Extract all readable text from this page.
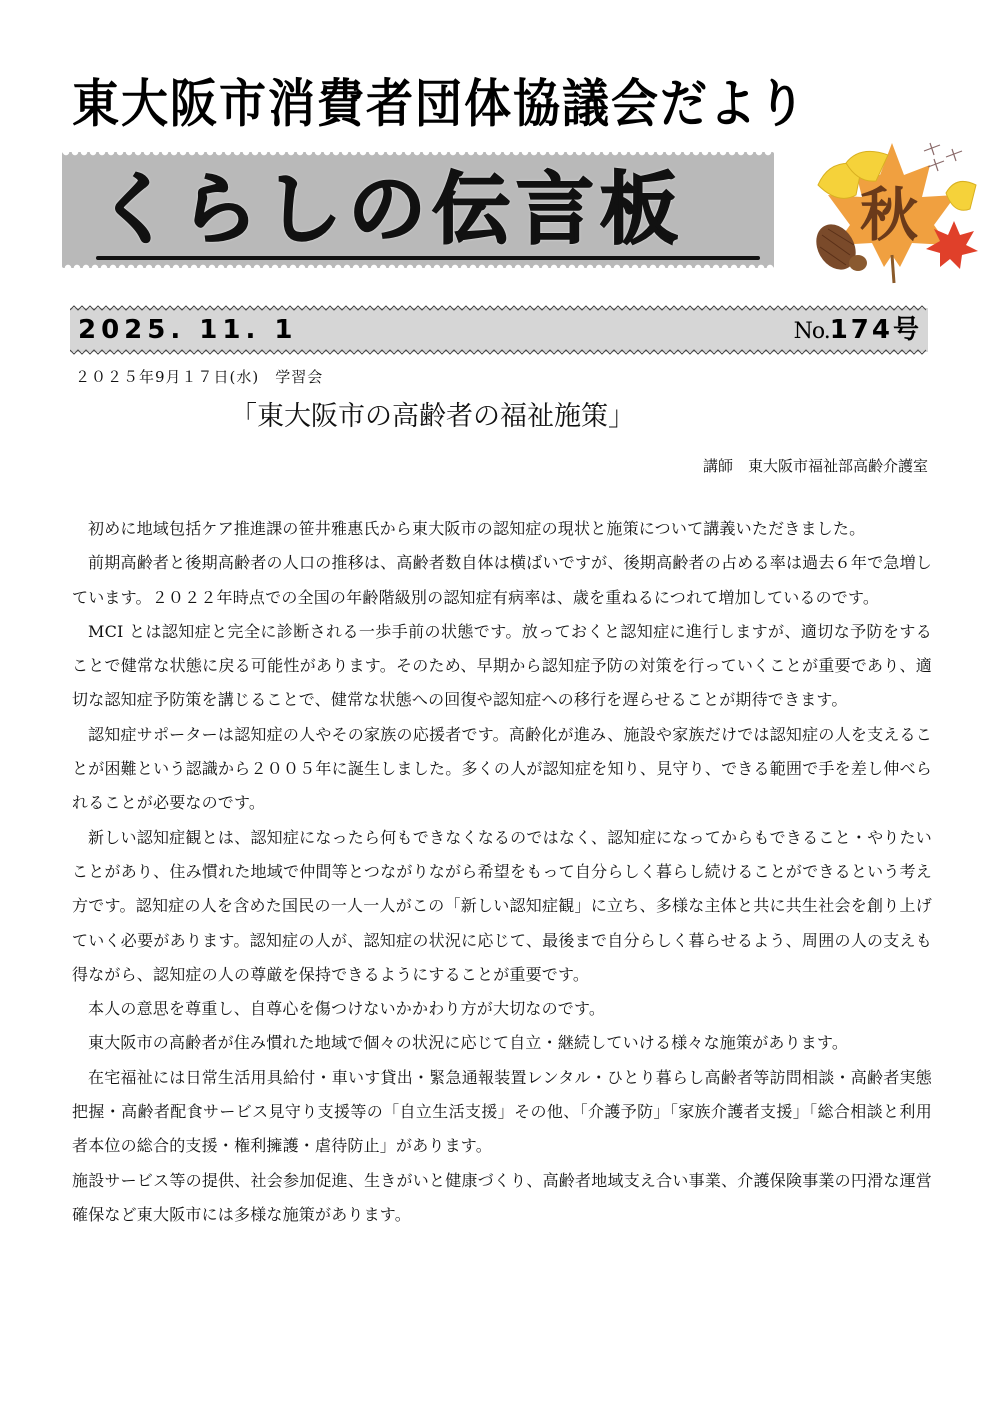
東大阪市消費者団体協議会だより
くらしの伝言板	秋
2025. 11. 1	No.174号
２０２５年9月１７日(水)　学習会
「東大阪市の高齢者の福祉施策」
講師　東大阪市福祉部高齢介護室

初めに地域包括ケア推進課の笹井雅惠氏から東大阪市の認知症の現状と施策について講義いただきました。

前期高齢者と後期高齢者の人口の推移は、高齢者数自体は横ばいですが、後期高齢者の占める率は過去６年で急増しています。２０２２年時点での全国の年齢階級別の認知症有病率は、歳を重ねるにつれて増加しているのです。

MCI とは認知症と完全に診断される一歩手前の状態です。放っておくと認知症に進行しますが、適切な予防をすることで健常な状態に戻る可能性があります。そのため、早期から認知症予防の対策を行っていくことが重要であり、適切な認知症予防策を講じることで、健常な状態への回復や認知症への移行を遅らせることが期待できます。

認知症サポーターは認知症の人やその家族の応援者です。高齢化が進み、施設や家族だけでは認知症の人を支えることが困難という認識から２００５年に誕生しました。多くの人が認知症を知り、見守り、できる範囲で手を差し伸べられることが必要なのです。

新しい認知症観とは、認知症になったら何もできなくなるのではなく、認知症になってからもできること・やりたいことがあり、住み慣れた地域で仲間等とつながりながら希望をもって自分らしく暮らし続けることができるという考え方です。認知症の人を含めた国民の一人一人がこの「新しい認知症観」に立ち、多様な主体と共に共生社会を創り上げていく必要があります。認知症の人が、認知症の状況に応じて、最後まで自分らしく暮らせるよう、周囲の人の支えも得ながら、認知症の人の尊厳を保持できるようにすることが重要です。

本人の意思を尊重し、自尊心を傷つけないかかわり方が大切なのです。

東大阪市の高齢者が住み慣れた地域で個々の状況に応じて自立・継続していける様々な施策があります。

在宅福祉には日常生活用具給付・車いす貸出・緊急通報装置レンタル・ひとり暮らし高齢者等訪問相談・高齢者実態把握・高齢者配食サービス見守り支援等の「自立生活支援」その他、「介護予防」「家族介護者支援」「総合相談と利用者本位の総合的支援・権利擁護・虐待防止」があります。

施設サービス等の提供、社会参加促進、生きがいと健康づくり、高齢者地域支え合い事業、介護保険事業の円滑な運営確保など東大阪市には多様な施策があります。
